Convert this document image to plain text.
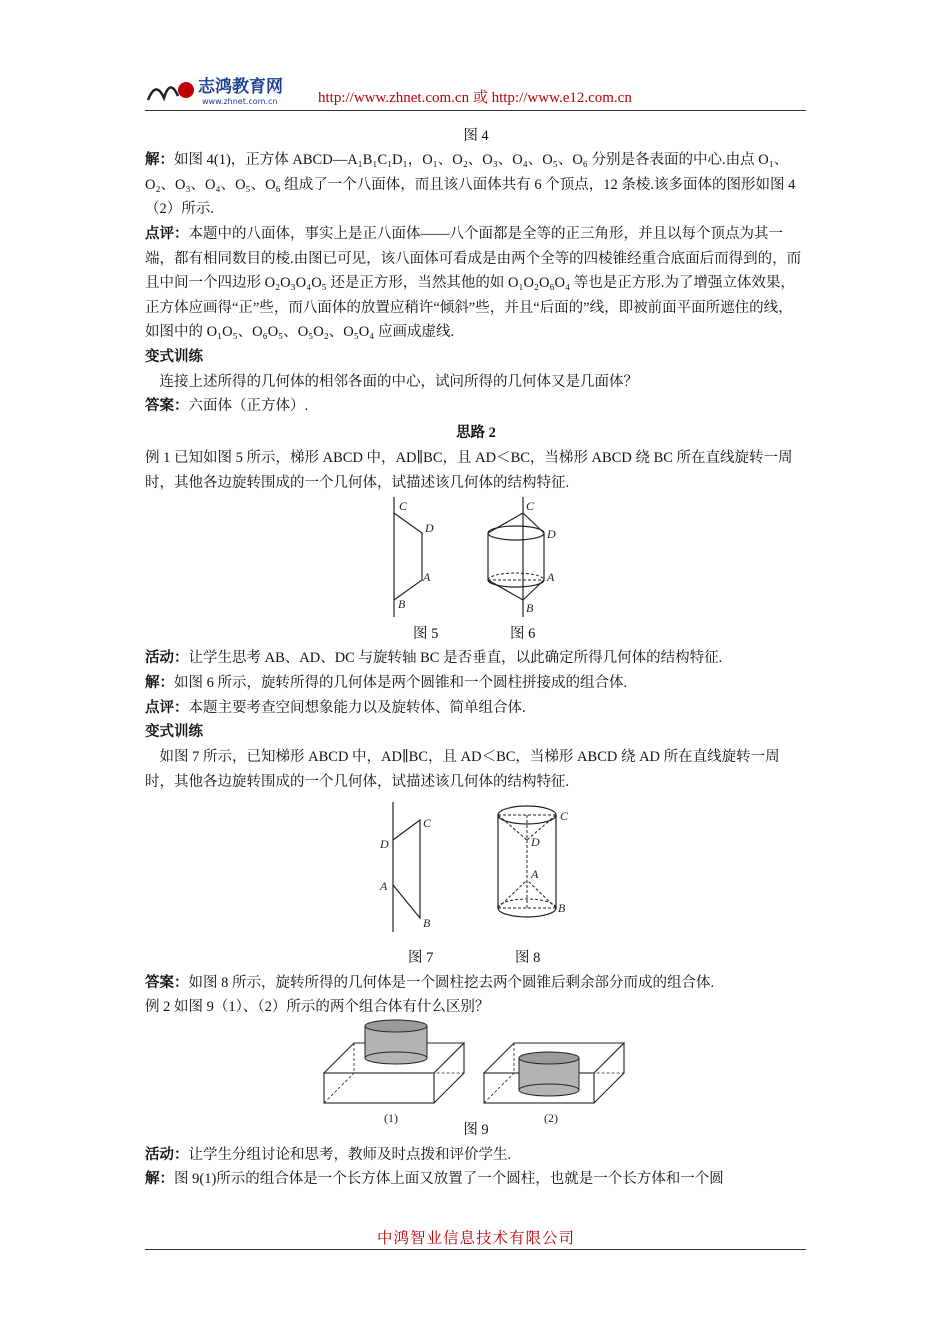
志鸿教育网
www.zhnet.com.cn	http://www.zhnet.com.cn 或 http://www.e12.com.cn
图 4
解：如图 4(1)，正方体 ABCD—A₁B₁C₁D₁，O₁、O₂、O₃、O₄、O₅、O₆ 分别是各表面的中心.由点 O₁、O₂、O₃、O₄、O₅、O₆ 组成了一个八面体，而且该八面体共有 6 个顶点，12 条棱.该多面体的图形如图 4（2）所示.
点评：本题中的八面体，事实上是正八面体——八个面都是全等的正三角形，并且以每个顶点为其一端，都有相同数目的棱.由图已可见，该八面体可看成是由两个全等的四棱锥经重合底面后而得到的，而且中间一个四边形 O₂O₃O₄O₅ 还是正方形，当然其他的如 O₁O₂O₆O₄ 等也是正方形.为了增强立体效果，正方体应画得“正”些，而八面体的放置应稍许“倾斜”些，并且“后面的”线，即被前面平面所遮住的线，如图中的 O₁O₅、O₆O₅、O₅O₂、O₅O₄ 应画成虚线.
变式训练
连接上述所得的几何体的相邻各面的中心，试问所得的几何体又是几面体？
答案：六面体（正方体）.
思路 2
例 1 已知如图 5 所示，梯形 ABCD 中，AD∥BC，且 AD＜BC，当梯形 ABCD 绕 BC 所在直线旋转一周时，其他各边旋转围成的一个几何体，试描述该几何体的结构特征.
C
D
A
B
C
D
A
B
图 5	图 6
活动：让学生思考 AB、AD、DC 与旋转轴 BC 是否垂直，以此确定所得几何体的结构特征.
解：如图 6 所示，旋转所得的几何体是两个圆锥和一个圆柱拼接成的组合体.
点评：本题主要考查空间想象能力以及旋转体、简单组合体.
变式训练
如图 7 所示，已知梯形 ABCD 中，AD∥BC，且 AD＜BC，当梯形 ABCD 绕 AD 所在直线旋转一周时，其他各边旋转围成的一个几何体，试描述该几何体的结构特征.
C
D
A
B
C
D
A
B
图 7	图 8
答案：如图 8 所示，旋转所得的几何体是一个圆柱挖去两个圆锥后剩余部分而成的组合体.
例 2 如图 9（1）、（2）所示的两个组合体有什么区别？
(1)	(2)
图 9
活动：让学生分组讨论和思考，教师及时点拨和评价学生.
解：图 9(1)所示的组合体是一个长方体上面又放置了一个圆柱，也就是一个长方体和一个圆
中鸿智业信息技术有限公司
